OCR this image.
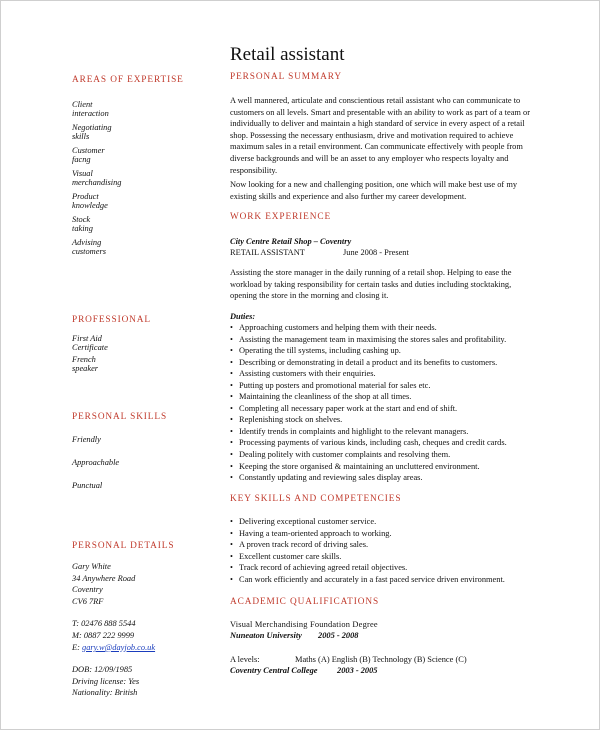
Retail assistant
AREAS OF EXPERTISE
Client interaction
Negotiating skills
Customer facng
Visual merchandising
Product knowledge
Stock taking
Advising customers
PROFESSIONAL
First Aid Certificate
French speaker
PERSONAL SKILLS
Friendly
Approachable
Punctual
PERSONAL DETAILS
Gary White
34 Anywhere Road
Coventry
CV6 7RF
T: 02476 888 5544
M: 0887 222 9999
E: gary.w@dayjob.co.uk
DOB: 12/09/1985
Driving license: Yes
Nationality: British
PERSONAL SUMMARY
A well mannered, articulate and conscientious retail assistant who can communicate to customers on all levels. Smart and presentable with an ability to work as part of a team or individually to deliver and maintain a high standard of service in every aspect of a retail shop. Possessing the necessary enthusiasm, drive and motivation required to achieve maximum sales in a retail environment. Can communicate effectively with people from diverse backgrounds and will be an asset to any employer who respects loyalty and responsibility.
Now looking for a new and challenging position, one which will make best use of my existing skills and experience and also further my career development.
WORK EXPERIENCE
City Centre Retail Shop – Coventry
RETAIL ASSISTANT	June 2008 - Present
Assisting the store manager in the daily running of a retail shop. Helping to ease the workload by taking responsibility for certain tasks and duties including stocktaking, opening the store in the morning and closing it.
Duties:
• Approaching customers and helping them with their needs.
• Assisting the management team in maximising the stores sales and profitability.
• Operating the till systems, including cashing up.
• Describing or demonstrating in detail a product and its benefits to customers.
• Assisting customers with their enquiries.
• Putting up posters and promotional material for sales etc.
• Maintaining the cleanliness of the shop at all times.
• Completing all necessary paper work at the start and end of shift.
• Replenishing stock on shelves.
• Identify trends in complaints and highlight to the relevant managers.
• Processing payments of various kinds, including cash, cheques and credit cards.
• Dealing politely with customer complaints and resolving them.
• Keeping the store organised & maintaining an uncluttered environment.
• Constantly updating and reviewing sales display areas.
KEY SKILLS AND COMPETENCIES
• Delivering exceptional customer service.
• Having a team-oriented approach to working.
• A proven track record of driving sales.
• Excellent customer care skills.
• Track record of achieving agreed retail objectives.
• Can work efficiently and accurately in a fast paced service driven environment.
ACADEMIC QUALIFICATIONS
Visual Merchandising Foundation Degree
Nuneaton University 2005 - 2008
A levels:	Maths (A) English (B) Technology (B) Science (C)
Coventry Central College 2003 - 2005
